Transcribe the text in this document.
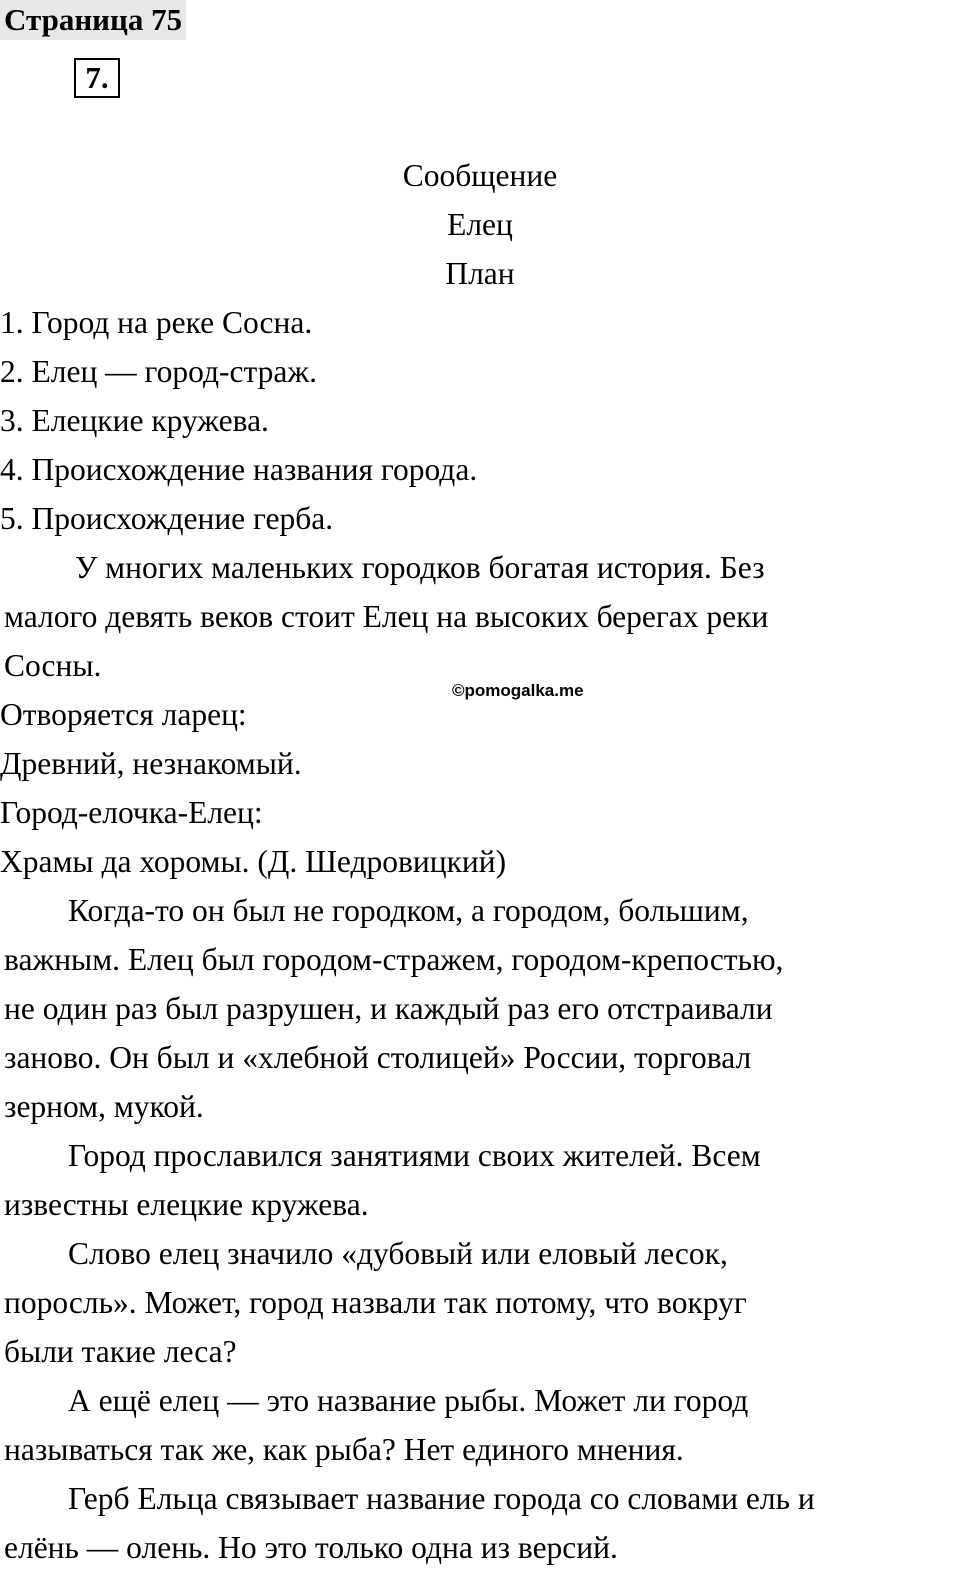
Страница 75
7.

Сообщение

Елец

План

1. Город на реке Сосна.

2. Елец — город-страж.

3. Елецкие кружева.

4. Происхождение названия города.

5. Происхождение герба.

У многих маленьких городков богатая история. Без
малого девять веков стоит Елец на высоких берегах реки
Сосны.

Отворяется ларец:

Древний, незнакомый.

Город-елочка-Елец:

Храмы да хоромы. (Д. Шедровицкий)

Когда-то он был не городком, а городом, большим,
важным. Елец был городом-стражем, городом-крепостью,
не один раз был разрушен, и каждый раз его отстраивали
заново. Он был и «хлебной столицей» России, торговал
зерном, мукой.
Город прославился занятиями своих жителей. Всем
известны елецкие кружева.
Слово елец значило «дубовый или еловый лесок,
поросль». Может, город назвали так потому, что вокруг
были такие леса?
А ещё елец — это название рыбы. Может ли город
называться так же, как рыба? Нет единого мнения.
Герб Ельца связывает название города со словами ель и
елёнь — олень. Но это только одна из версий.
©pomogalka.me
